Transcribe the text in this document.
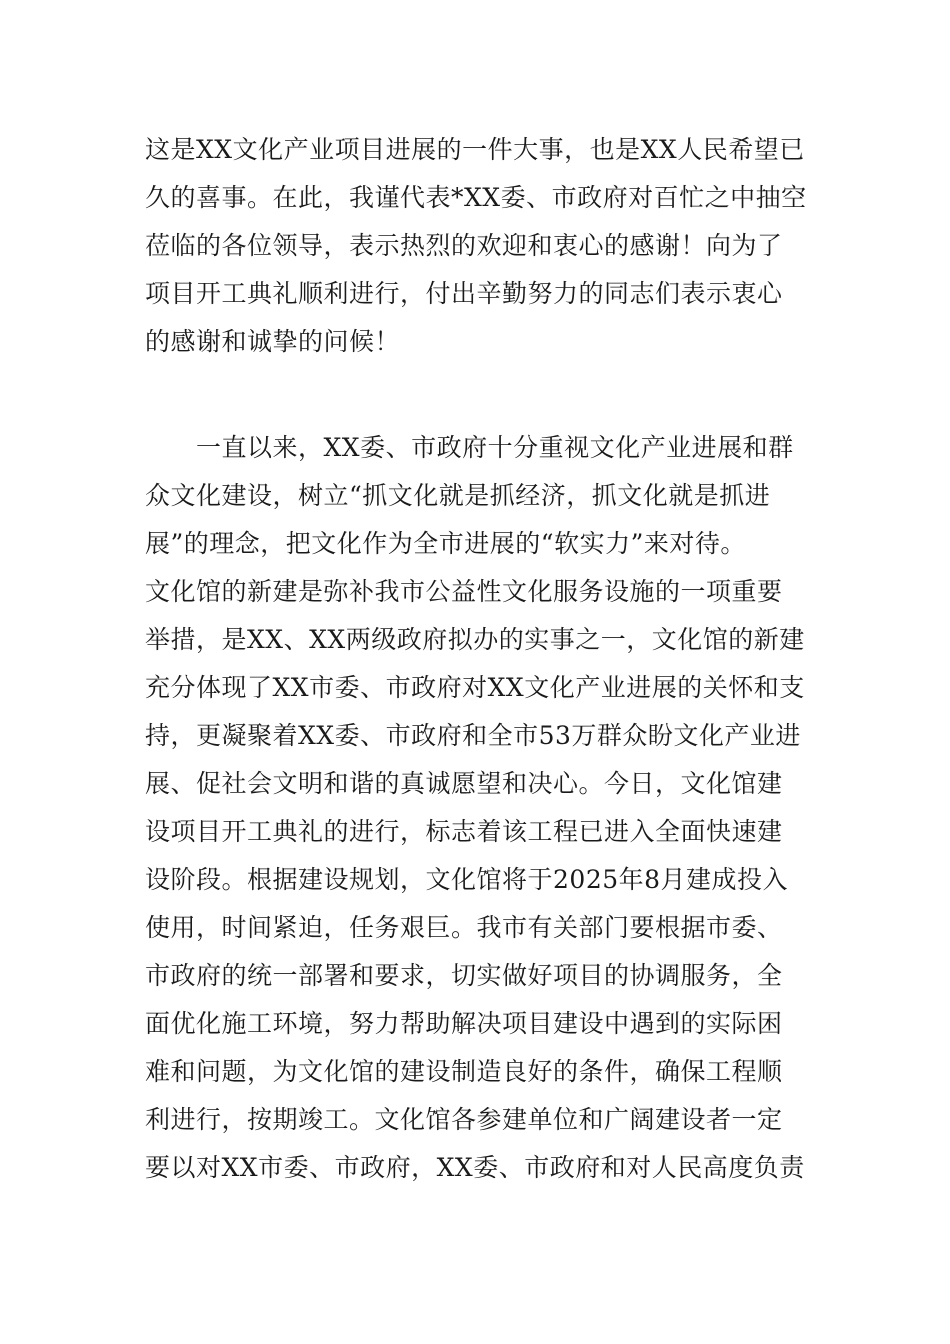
这是XX文化产业项目进展的一件大事，也是XX人民希望已
久的喜事。在此，我谨代表*XX委、市政府对百忙之中抽空
莅临的各位领导，表示热烈的欢迎和衷心的感谢！向为了
项目开工典礼顺利进行，付出辛勤努力的同志们表示衷心
的感谢和诚挚的问候！
　　一直以来，XX委、市政府十分重视文化产业进展和群
众文化建设，树立“抓文化就是抓经济，抓文化就是抓进
展”的理念，把文化作为全市进展的“软实力”来对待。
文化馆的新建是弥补我市公益性文化服务设施的一项重要
举措，是XX、XX两级政府拟办的实事之一，文化馆的新建
充分体现了XX市委、市政府对XX文化产业进展的关怀和支
持，更凝聚着XX委、市政府和全市53万群众盼文化产业进
展、促社会文明和谐的真诚愿望和决心。今日，文化馆建
设项目开工典礼的进行，标志着该工程已进入全面快速建
设阶段。根据建设规划，文化馆将于2025年8月建成投入
使用，时间紧迫，任务艰巨。我市有关部门要根据市委、
市政府的统一部署和要求，切实做好项目的协调服务，全
面优化施工环境，努力帮助解决项目建设中遇到的实际困
难和问题，为文化馆的建设制造良好的条件，确保工程顺
利进行，按期竣工。文化馆各参建单位和广阔建设者一定
要以对XX市委、市政府，XX委、市政府和对人民高度负责
